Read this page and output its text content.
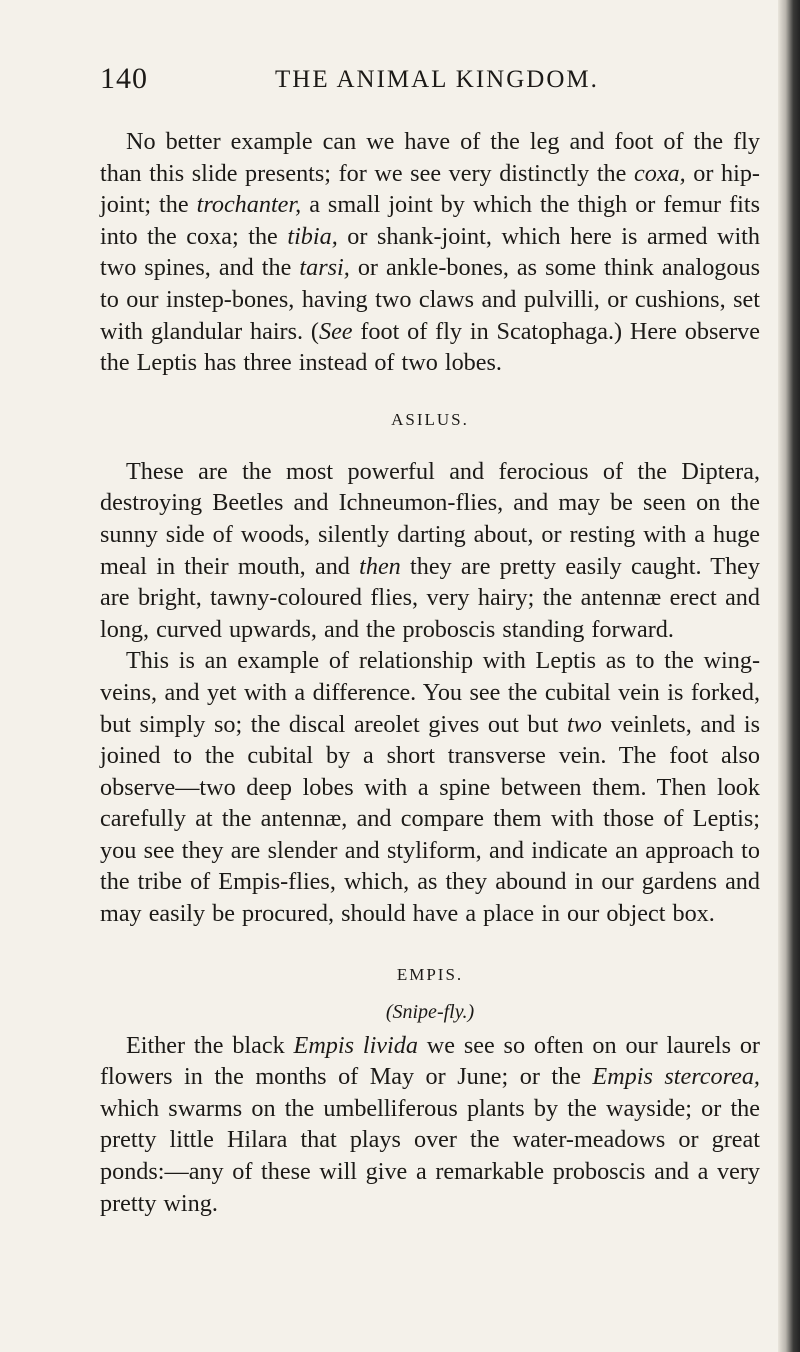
140	THE ANIMAL KINGDOM.

No better example can we have of the leg and foot of the fly than this slide presents; for we see very distinctly the coxa, or hip-joint; the trochanter, a small joint by which the thigh or femur fits into the coxa; the tibia, or shank-joint, which here is armed with two spines, and the tarsi, or ankle-bones, as some think analogous to our instep-bones, having two claws and pulvilli, or cushions, set with glandular hairs. (See foot of fly in Scatophaga.) Here observe the Leptis has three instead of two lobes.

ASILUS.

These are the most powerful and ferocious of the Diptera, destroying Beetles and Ichneumon-flies, and may be seen on the sunny side of woods, silently darting about, or resting with a huge meal in their mouth, and then they are pretty easily caught. They are bright, tawny-coloured flies, very hairy; the antennæ erect and long, curved upwards, and the proboscis standing forward.

This is an example of relationship with Leptis as to the wing-veins, and yet with a difference. You see the cubital vein is forked, but simply so; the discal areolet gives out but two veinlets, and is joined to the cubital by a short transverse vein. The foot also observe—two deep lobes with a spine between them. Then look carefully at the antennæ, and compare them with those of Leptis; you see they are slender and styliform, and indicate an approach to the tribe of Empis-flies, which, as they abound in our gardens and may easily be procured, should have a place in our object box.

EMPIS.
(Snipe-fly.)

Either the black Empis livida we see so often on our laurels or flowers in the months of May or June; or the Empis stercorea, which swarms on the umbelliferous plants by the wayside; or the pretty little Hilara that plays over the water-meadows or great ponds:—any of these will give a remarkable proboscis and a very pretty wing.
